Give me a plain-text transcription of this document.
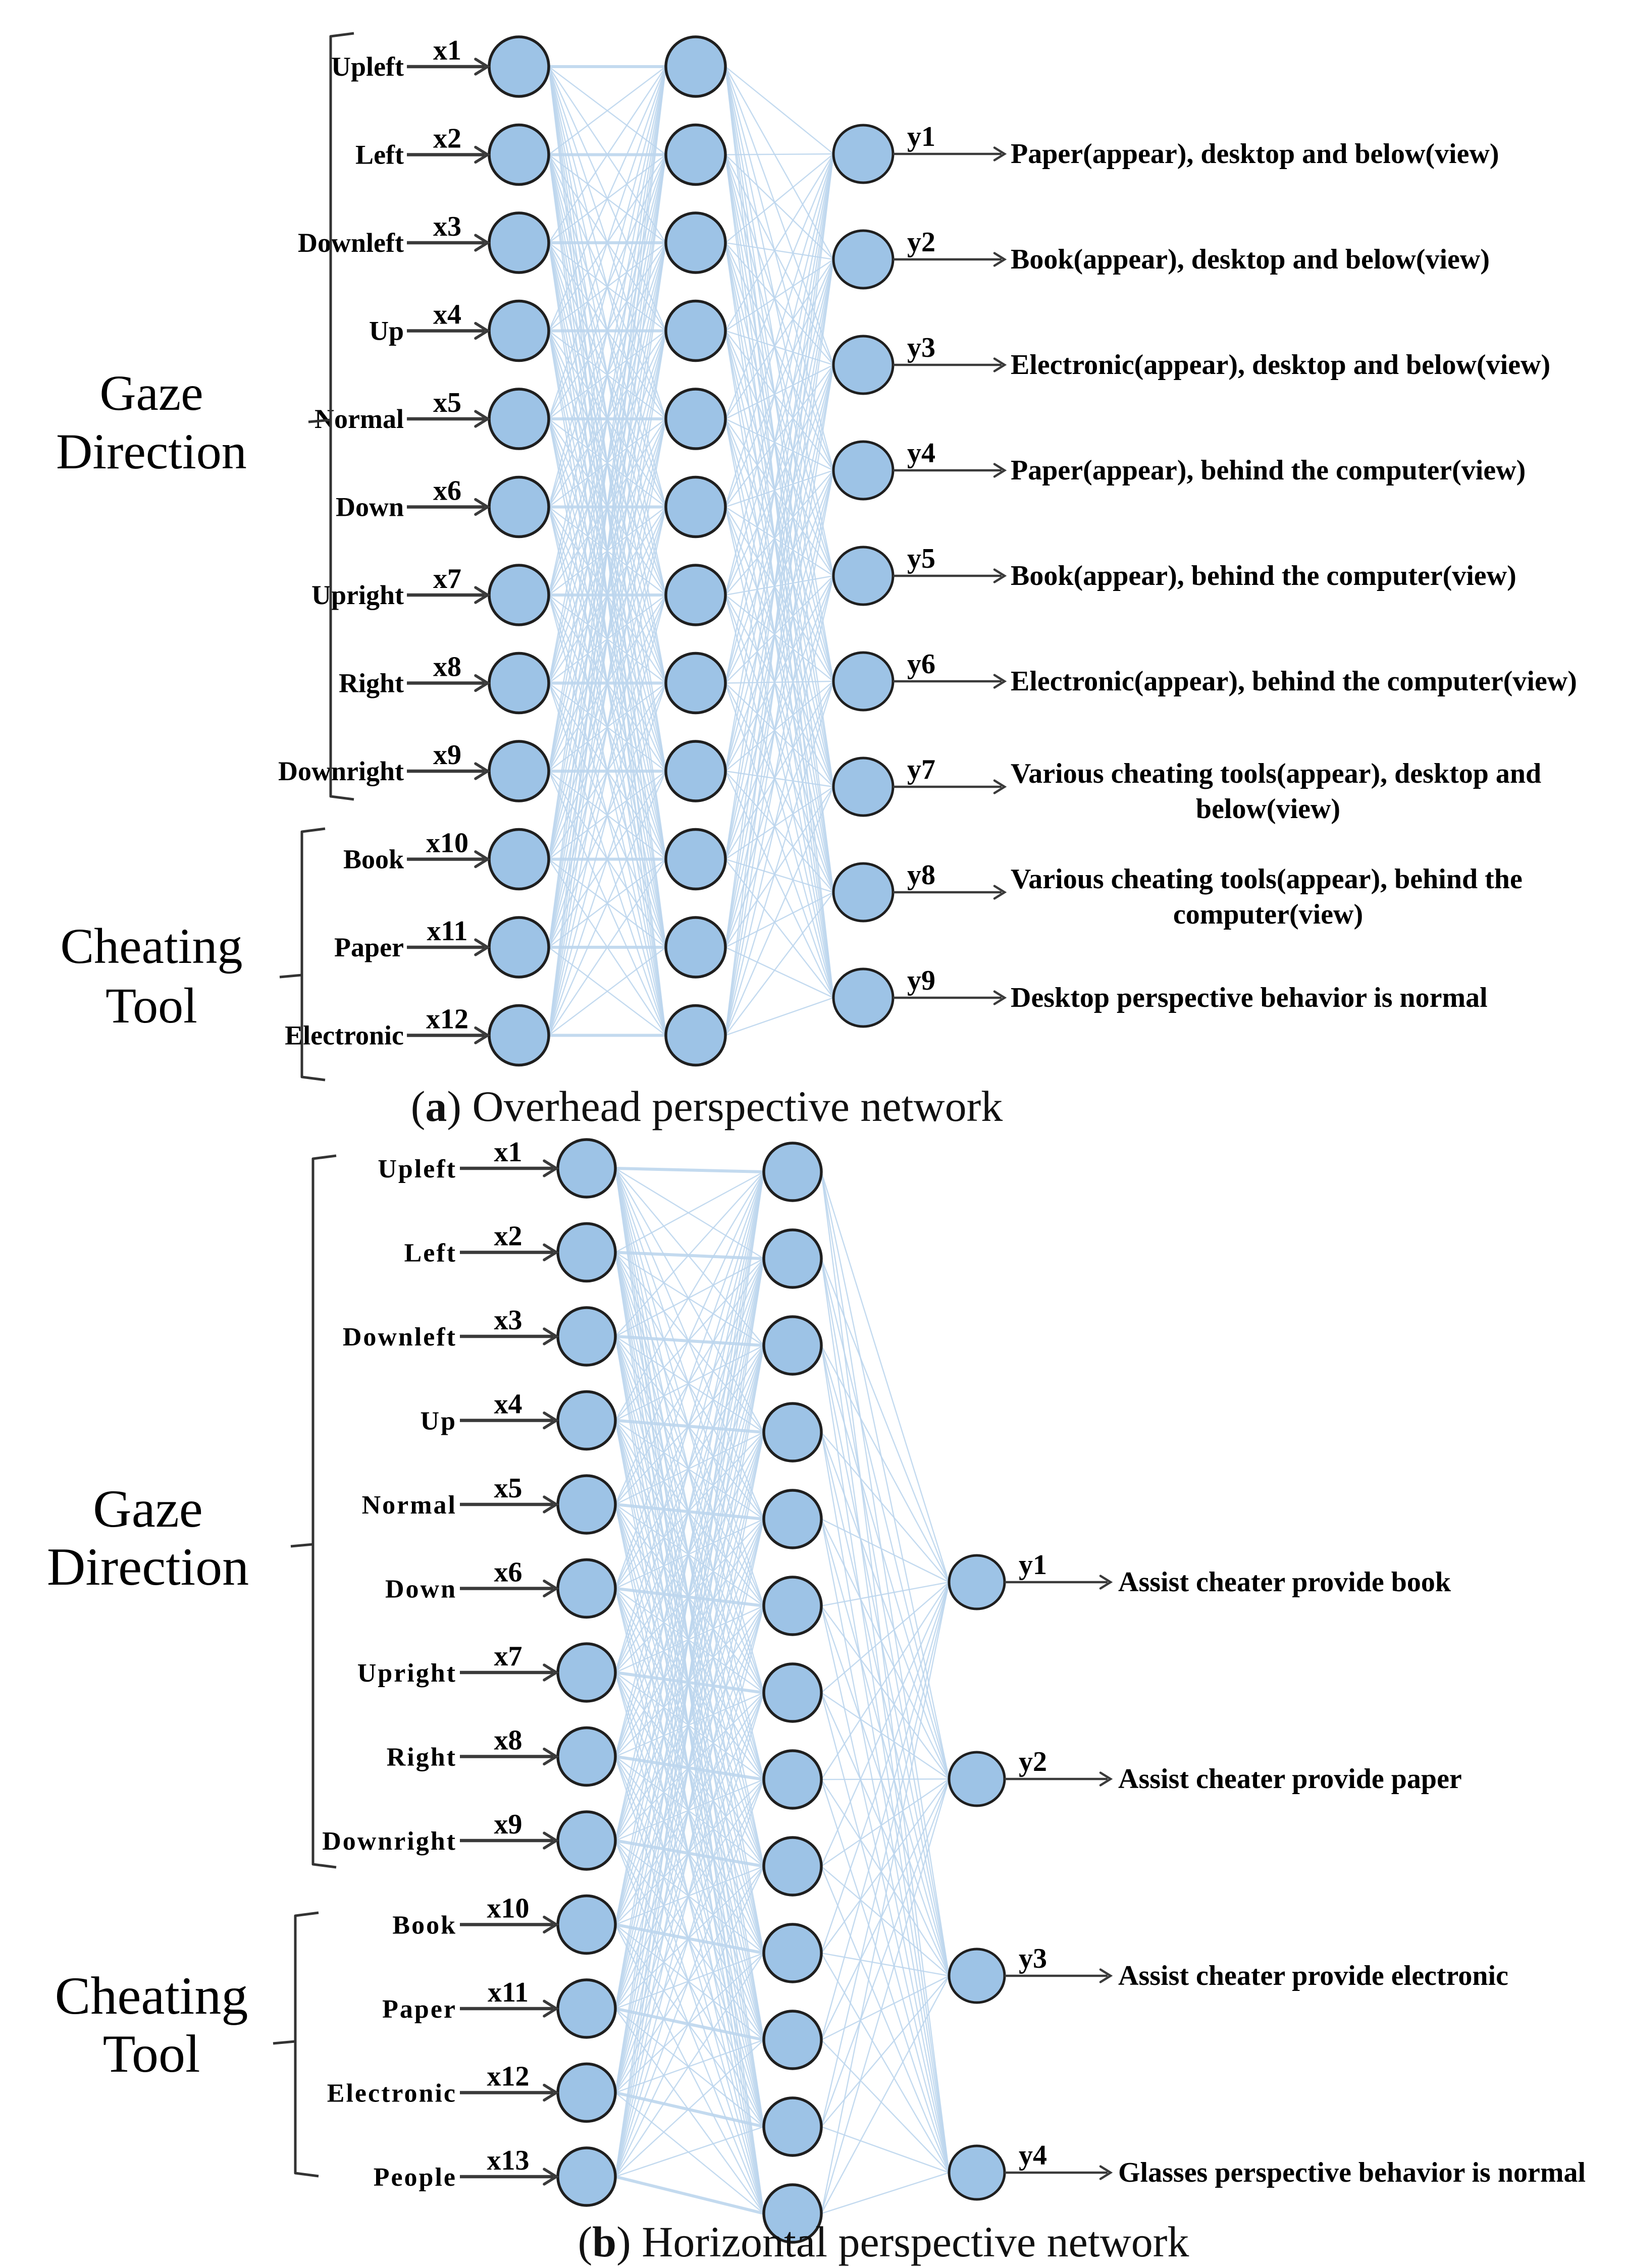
Upleft
x1
Left
x2
Downleft
x3
Up
x4
Normal
x5
Down
x6
Upright
x7
Right
x8
Downright
x9
Book
x10
Paper
x11
Electronic
x12
y1
Paper(appear), desktop and below(view)
y2
Book(appear), desktop and below(view)
y3
Electronic(appear), desktop and below(view)
y4
Paper(appear), behind the computer(view)
y5
Book(appear), behind the computer(view)
y6
Electronic(appear), behind the computer(view)
y7	Various cheating tools(appear), desktop and
below(view)
y8	Various cheating tools(appear), behind the
computer(view)
y9
Desktop perspective behavior is normal
Gaze
Direction
Cheating
Tool
(a) Overhead perspective network
Upleft
x1
Left
x2
Downleft
x3
Up
x4
Normal
x5
Down
x6
Upright
x7
Right
x8
Downright
x9
Book
x10
Paper
x11
Electronic
x12
People
x13
y1
Assist cheater provide book
y2
Assist cheater provide paper
y3
Assist cheater provide electronic
y4
Glasses perspective behavior is normal
Gaze
Direction
Cheating
Tool
(b) Horizontal perspective network
